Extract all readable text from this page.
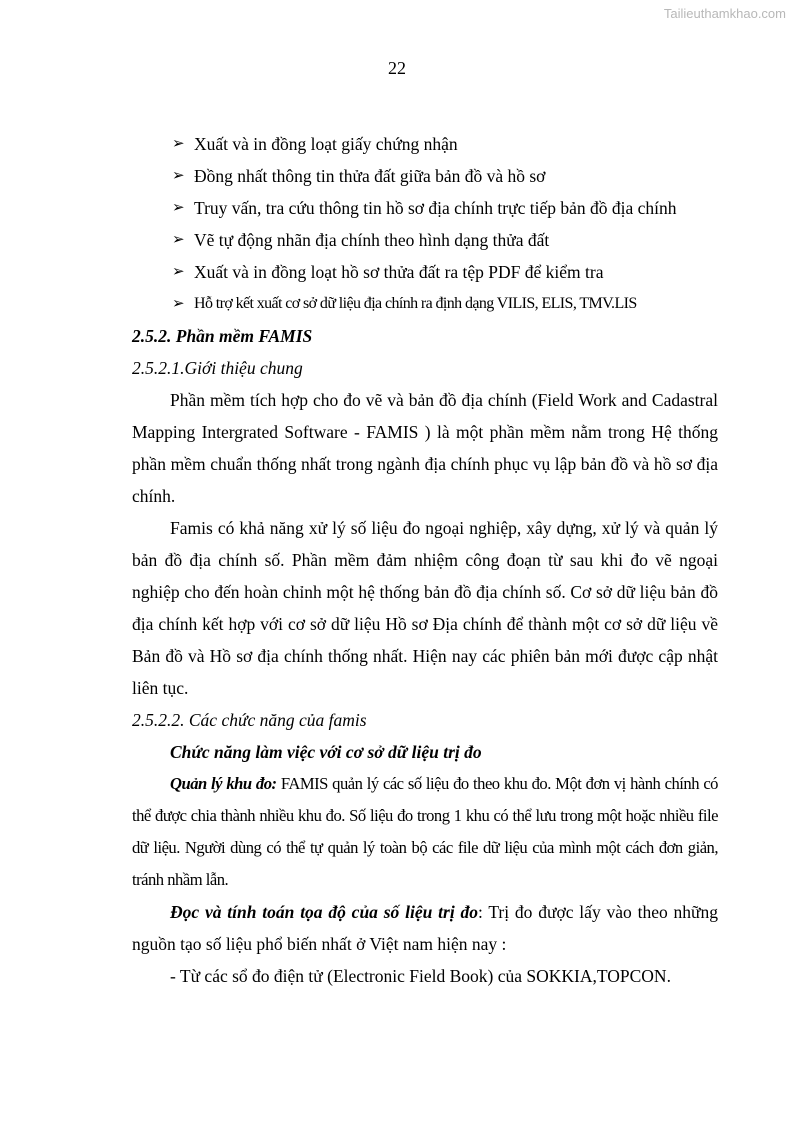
Tailieuthamkhao.com
22
➢ Xuất và in đồng loạt giấy chứng nhận
➢ Đồng nhất thông tin thửa đất giữa bản đồ và hồ sơ
➢ Truy vấn, tra cứu thông tin hồ sơ địa chính trực tiếp bản đồ địa chính
➢ Vẽ tự động nhãn địa chính theo hình dạng thửa đất
➢ Xuất và in đồng loạt hồ sơ thửa đất ra tệp PDF để kiểm tra
➢ Hỗ trợ kết xuất cơ sở dữ liệu địa chính ra định dạng VILIS, ELIS, TMV.LIS
2.5.2. Phần mềm FAMIS
2.5.2.1.Giới thiệu chung
Phần mềm tích hợp cho đo vẽ và bản đồ địa chính (Field Work and Cadastral Mapping Intergrated Software - FAMIS ) là một phần mềm nằm trong Hệ thống phần mềm chuẩn thống nhất trong ngành địa chính phục vụ lập bản đồ và hồ sơ địa chính.
Famis có khả năng xử lý số liệu đo ngoại nghiệp, xây dựng, xử lý và quản lý bản đồ địa chính số. Phần mềm đảm nhiệm công đoạn từ sau khi đo vẽ ngoại nghiệp cho đến hoàn chỉnh một hệ thống bản đồ địa chính số. Cơ sở dữ liệu bản đồ địa chính kết hợp với cơ sở dữ liệu Hồ sơ Địa chính để thành một cơ sở dữ liệu về Bản đồ và Hồ sơ địa chính thống nhất. Hiện nay các phiên bản mới được cập nhật liên tục.
2.5.2.2. Các chức năng của famis
Chức năng làm việc với cơ sở dữ liệu trị đo
Quản lý khu đo: FAMIS quản lý các số liệu đo theo khu đo. Một đơn vị hành chính có thể được chia thành nhiều khu đo. Số liệu đo trong 1 khu có thể lưu trong một hoặc nhiều file dữ liệu. Người dùng có thể tự quản lý toàn bộ các file dữ liệu của mình một cách đơn giản, tránh nhầm lẫn.
Đọc và tính toán tọa độ của số liệu trị đo: Trị đo được lấy vào theo những nguồn tạo số liệu phổ biến nhất ở Việt nam hiện nay :
- Từ các sổ đo điện tử (Electronic Field Book) của SOKKIA,TOPCON.
